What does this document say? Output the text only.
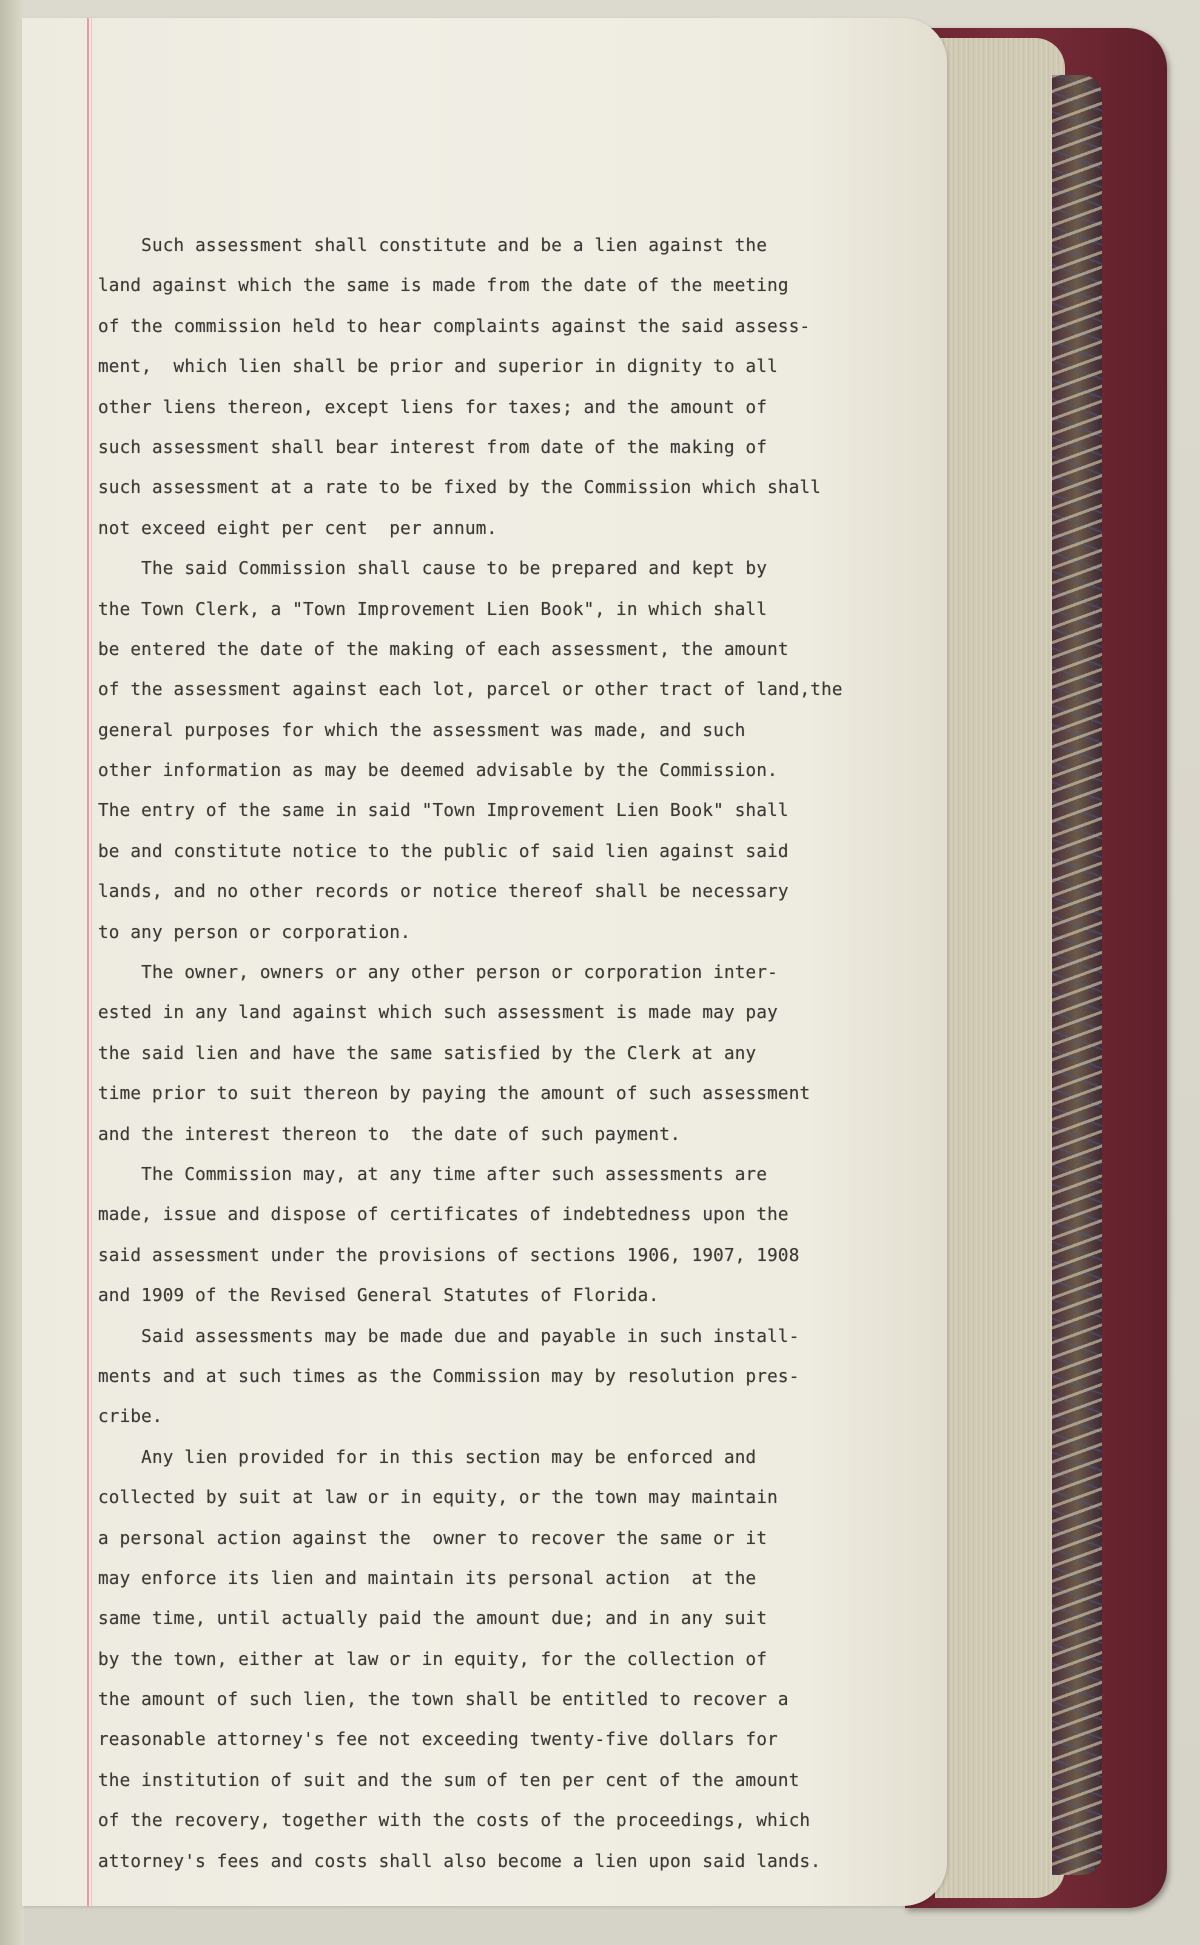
Such assessment shall constitute and be a lien against the
land against which the same is made from the date of the meeting
of the commission held to hear complaints against the said assess-
ment,  which lien shall be prior and superior in dignity to all
other liens thereon, except liens for taxes; and the amount of
such assessment shall bear interest from date of the making of
such assessment at a rate to be fixed by the Commission which shall
not exceed eight per cent  per annum.
The said Commission shall cause to be prepared and kept by
the Town Clerk, a "Town Improvement Lien Book", in which shall
be entered the date of the making of each assessment, the amount
of the assessment against each lot, parcel or other tract of land,the
general purposes for which the assessment was made, and such
other information as may be deemed advisable by the Commission.
The entry of the same in said "Town Improvement Lien Book" shall
be and constitute notice to the public of said lien against said
lands, and no other records or notice thereof shall be necessary
to any person or corporation.
The owner, owners or any other person or corporation inter-
ested in any land against which such assessment is made may pay
the said lien and have the same satisfied by the Clerk at any
time prior to suit thereon by paying the amount of such assessment
and the interest thereon to  the date of such payment.
The Commission may, at any time after such assessments are
made, issue and dispose of certificates of indebtedness upon the
said assessment under the provisions of sections 1906, 1907, 1908
and 1909 of the Revised General Statutes of Florida.
Said assessments may be made due and payable in such install-
ments and at such times as the Commission may by resolution pres-
cribe.
Any lien provided for in this section may be enforced and
collected by suit at law or in equity, or the town may maintain
a personal action against the  owner to recover the same or it
may enforce its lien and maintain its personal action  at the
same time, until actually paid the amount due; and in any suit
by the town, either at law or in equity, for the collection of
the amount of such lien, the town shall be entitled to recover a
reasonable attorney's fee not exceeding twenty-five dollars for
the institution of suit and the sum of ten per cent of the amount
of the recovery, together with the costs of the proceedings, which
attorney's fees and costs shall also become a lien upon said lands.
